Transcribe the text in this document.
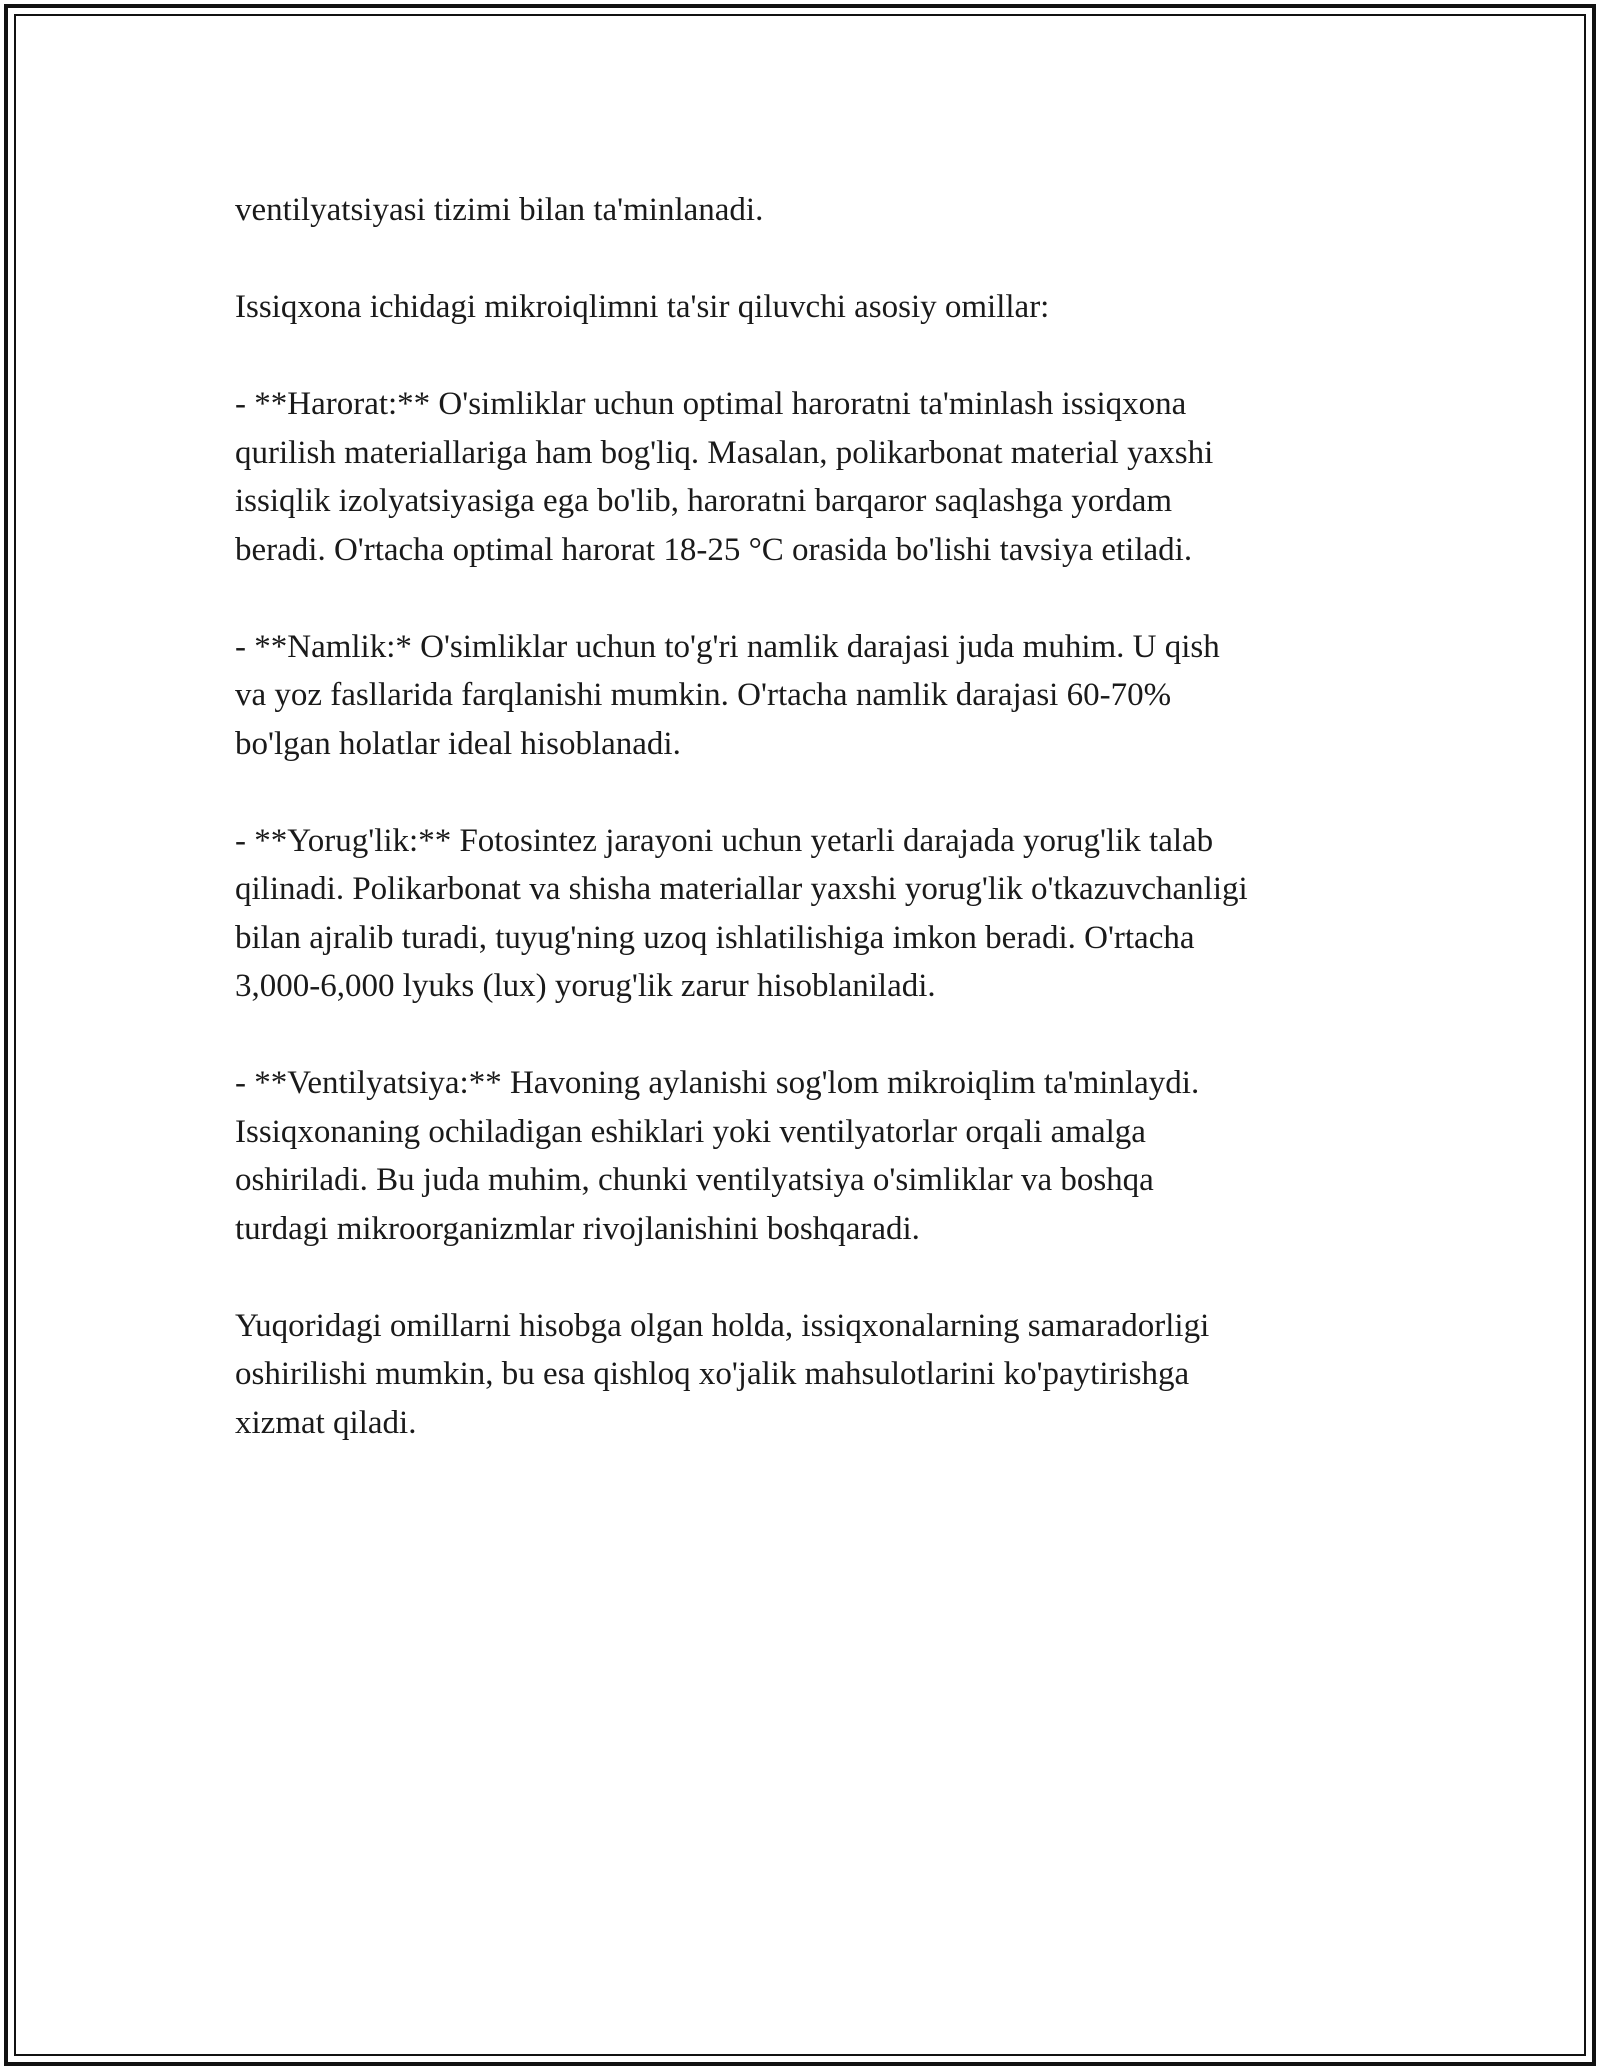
ventilyatsiyasi tizimi bilan ta'minlanadi.

Issiqxona ichidagi mikroiqlimni ta'sir qiluvchi asosiy omillar:

- **Harorat:** O'simliklar uchun optimal haroratni ta'minlash issiqxona
qurilish materiallariga ham bog'liq. Masalan, polikarbonat material yaxshi
issiqlik izolyatsiyasiga ega bo'lib, haroratni barqaror saqlashga yordam
beradi. O'rtacha optimal harorat 18-25 °C orasida bo'lishi tavsiya etiladi.

- **Namlik:* O'simliklar uchun to'g'ri namlik darajasi juda muhim. U qish
va yoz fasllarida farqlanishi mumkin. O'rtacha namlik darajasi 60-70%
bo'lgan holatlar ideal hisoblanadi.

- **Yorug'lik:** Fotosintez jarayoni uchun yetarli darajada yorug'lik talab
qilinadi. Polikarbonat va shisha materiallar yaxshi yorug'lik o'tkazuvchanligi
bilan ajralib turadi, tuyug'ning uzoq ishlatilishiga imkon beradi. O'rtacha
3,000-6,000 lyuks (lux) yorug'lik zarur hisoblaniladi.

- **Ventilyatsiya:** Havoning aylanishi sog'lom mikroiqlim ta'minlaydi.
Issiqxonaning ochiladigan eshiklari yoki ventilyatorlar orqali amalga
oshiriladi. Bu juda muhim, chunki ventilyatsiya o'simliklar va boshqa
turdagi mikroorganizmlar rivojlanishini boshqaradi.

Yuqoridagi omillarni hisobga olgan holda, issiqxonalarning samaradorligi
oshirilishi mumkin, bu esa qishloq xo'jalik mahsulotlarini ko'paytirishga
xizmat qiladi.
